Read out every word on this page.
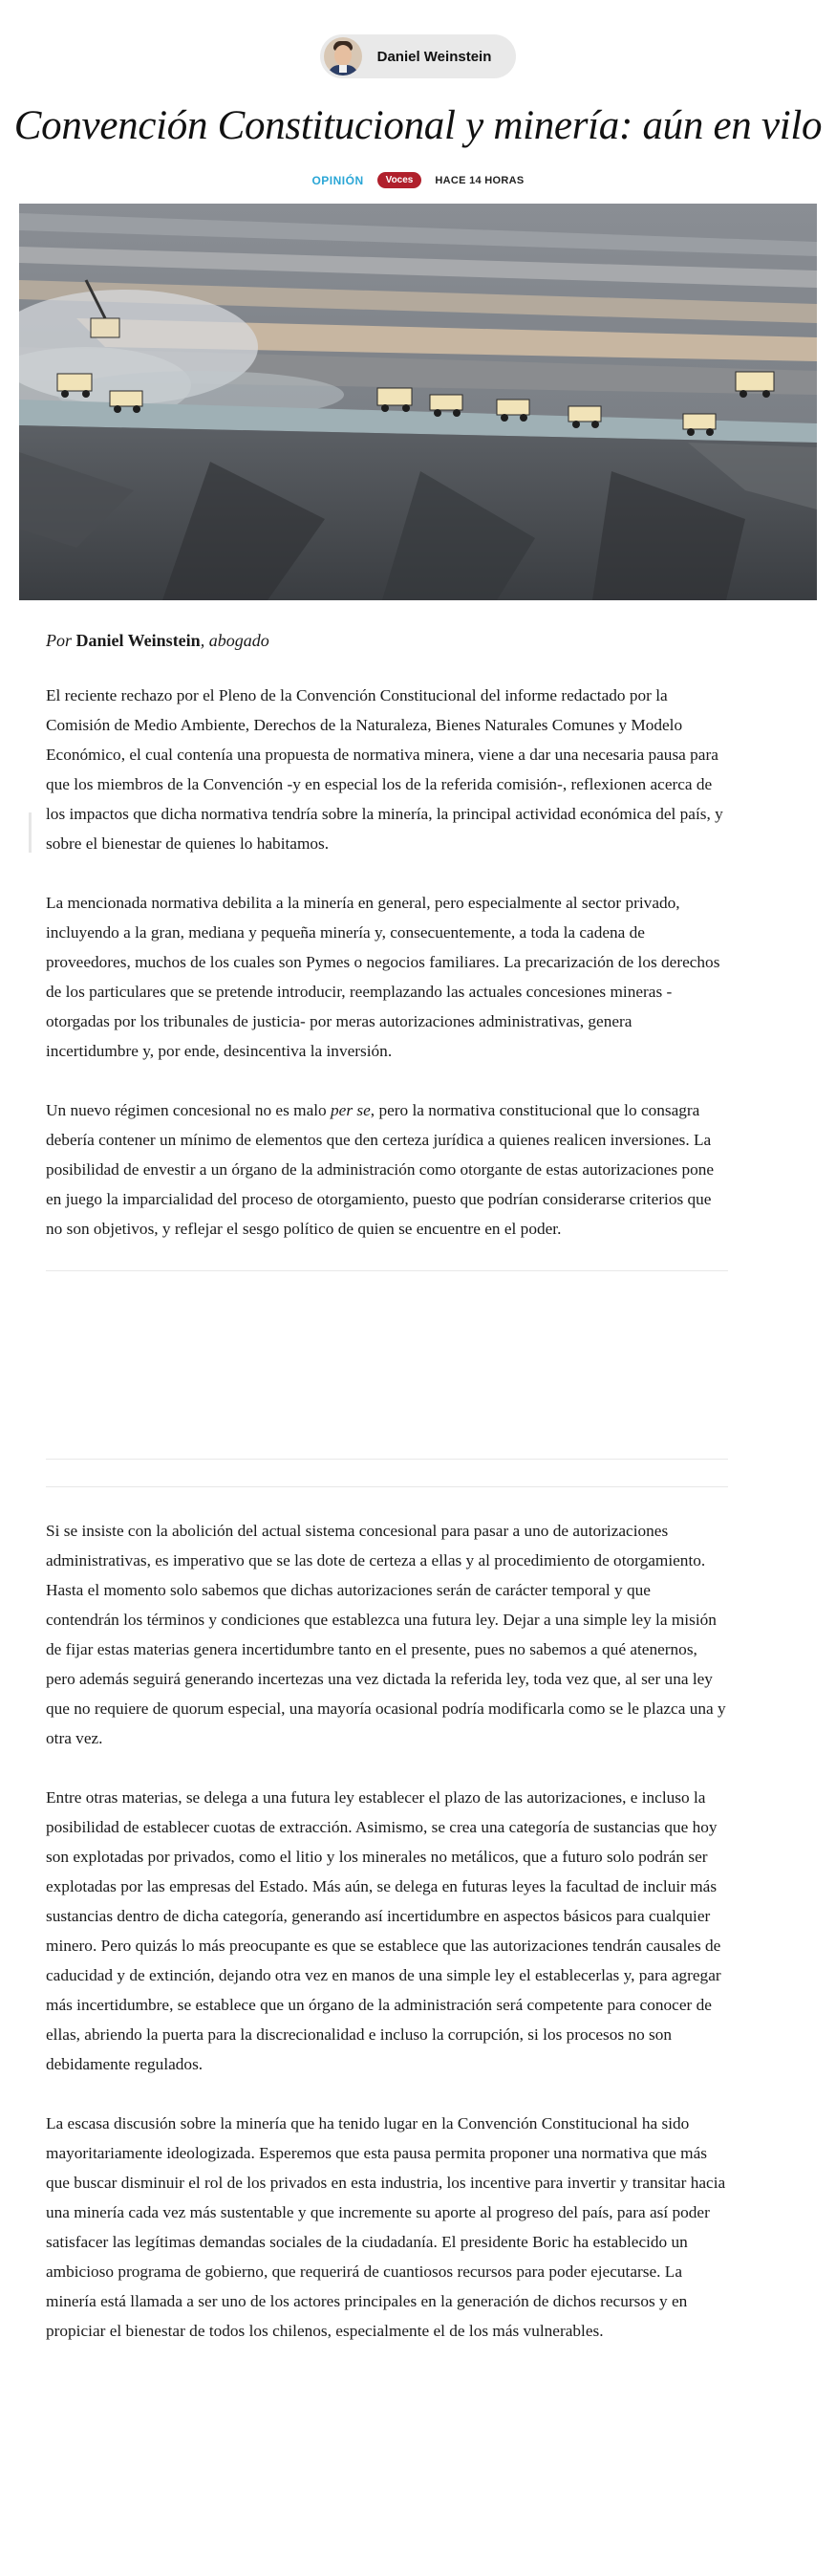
Daniel Weinstein
Convención Constitucional y minería: aún en vilo
OPINIÓN	Voces	HACE 14 HORAS
Por Daniel Weinstein, abogado

El reciente rechazo por el Pleno de la Convención Constitucional del informe redactado por la Comisión de Medio Ambiente, Derechos de la Naturaleza, Bienes Naturales Comunes y Modelo Económico, el cual contenía una propuesta de normativa minera, viene a dar una necesaria pausa para que los miembros de la Convención -y en especial los de la referida comisión-, reflexionen acerca de los impactos que dicha normativa tendría sobre la minería, la principal actividad económica del país, y sobre el bienestar de quienes lo habitamos.

La mencionada normativa debilita a la minería en general, pero especialmente al sector privado, incluyendo a la gran, mediana y pequeña minería y, consecuentemente, a toda la cadena de proveedores, muchos de los cuales son Pymes o negocios familiares. La precarización de los derechos de los particulares que se pretende introducir, reemplazando las actuales concesiones mineras -otorgadas por los tribunales de justicia- por meras autorizaciones administrativas, genera incertidumbre y, por ende, desincentiva la inversión.

Un nuevo régimen concesional no es malo per se, pero la normativa constitucional que lo consagra debería contener un mínimo de elementos que den certeza jurídica a quienes realicen inversiones. La posibilidad de envestir a un órgano de la administración como otorgante de estas autorizaciones pone en juego la imparcialidad del proceso de otorgamiento, puesto que podrían considerarse criterios que no son objetivos, y reflejar el sesgo político de quien se encuentre en el poder.

Si se insiste con la abolición del actual sistema concesional para pasar a uno de autorizaciones administrativas, es imperativo que se las dote de certeza a ellas y al procedimiento de otorgamiento. Hasta el momento solo sabemos que dichas autorizaciones serán de carácter temporal y que contendrán los términos y condiciones que establezca una futura ley. Dejar a una simple ley la misión de fijar estas materias genera incertidumbre tanto en el presente, pues no sabemos a qué atenernos, pero además seguirá generando incertezas una vez dictada la referida ley, toda vez que, al ser una ley que no requiere de quorum especial, una mayoría ocasional podría modificarla como se le plazca una y otra vez.

Entre otras materias, se delega a una futura ley establecer el plazo de las autorizaciones, e incluso la posibilidad de establecer cuotas de extracción. Asimismo, se crea una categoría de sustancias que hoy son explotadas por privados, como el litio y los minerales no metálicos, que a futuro solo podrán ser explotadas por las empresas del Estado. Más aún, se delega en futuras leyes la facultad de incluir más sustancias dentro de dicha categoría, generando así incertidumbre en aspectos básicos para cualquier minero. Pero quizás lo más preocupante es que se establece que las autorizaciones tendrán causales de caducidad y de extinción, dejando otra vez en manos de una simple ley el establecerlas y, para agregar más incertidumbre, se establece que un órgano de la administración será competente para conocer de ellas, abriendo la puerta para la discrecionalidad e incluso la corrupción, si los procesos no son debidamente regulados.

La escasa discusión sobre la minería que ha tenido lugar en la Convención Constitucional ha sido mayoritariamente ideologizada. Esperemos que esta pausa permita proponer una normativa que más que buscar disminuir el rol de los privados en esta industria, los incentive para invertir y transitar hacia una minería cada vez más sustentable y que incremente su aporte al progreso del país, para así poder satisfacer las legítimas demandas sociales de la ciudadanía. El presidente Boric ha establecido un ambicioso programa de gobierno, que requerirá de cuantiosos recursos para poder ejecutarse. La minería está llamada a ser uno de los actores principales en la generación de dichos recursos y en propiciar el bienestar de todos los chilenos, especialmente el de los más vulnerables.
